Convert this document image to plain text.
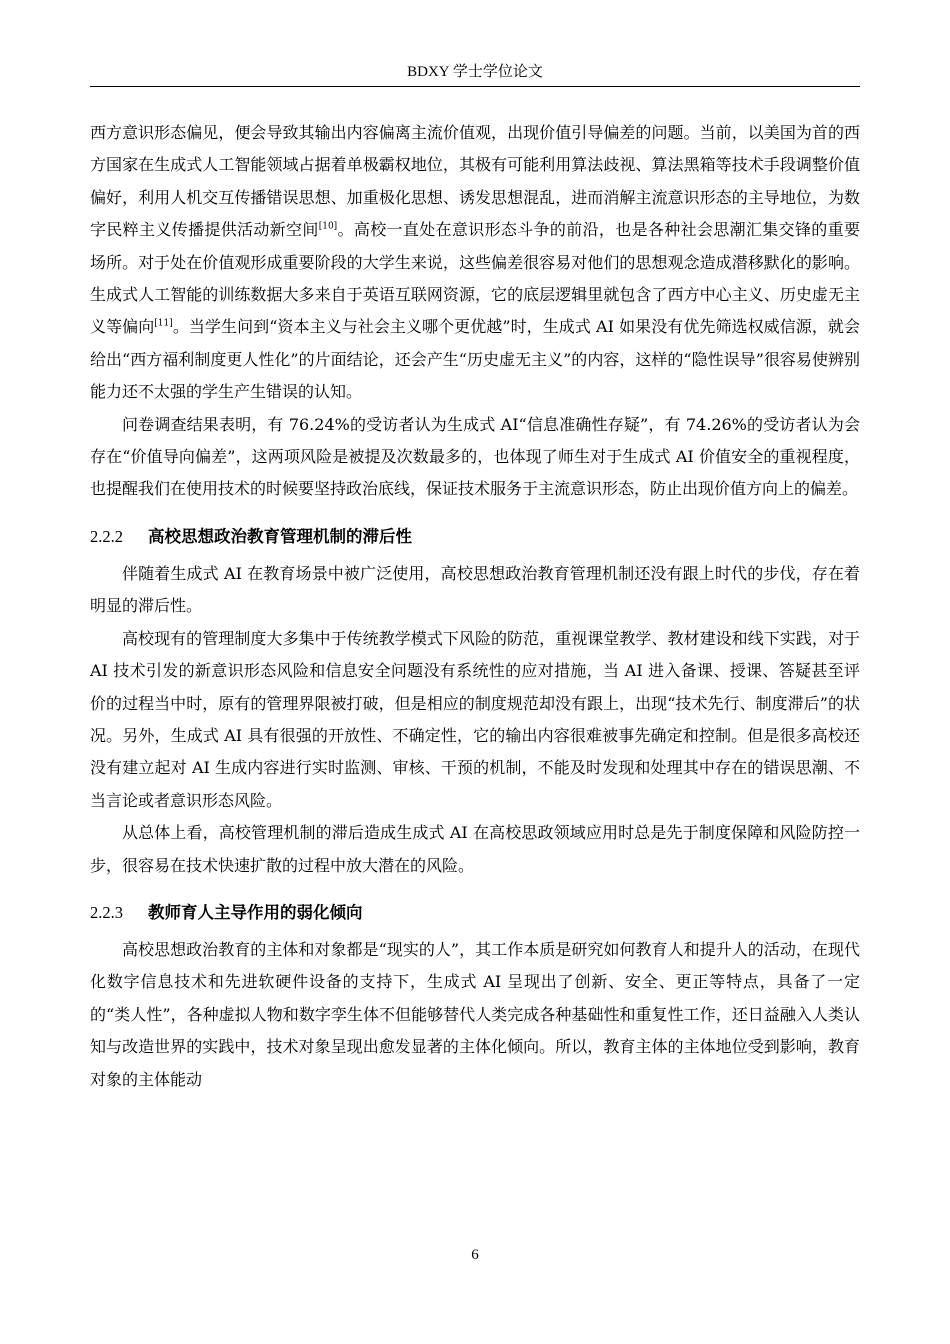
BDXY 学士学位论文

西方意识形态偏见，便会导致其输出内容偏离主流价值观，出现价值引导偏差的问题。当前，以美国为首的西方国家在生成式人工智能领域占据着单极霸权地位，其极有可能利用算法歧视、算法黑箱等技术手段调整价值偏好，利用人机交互传播错误思想、加重极化思想、诱发思想混乱，进而消解主流意识形态的主导地位，为数字民粹主义传播提供活动新空间[10]。高校一直处在意识形态斗争的前沿，也是各种社会思潮汇集交锋的重要场所。对于处在价值观形成重要阶段的大学生来说，这些偏差很容易对他们的思想观念造成潜移默化的影响。生成式人工智能的训练数据大多来自于英语互联网资源，它的底层逻辑里就包含了西方中心主义、历史虚无主义等偏向[11]。当学生问到“资本主义与社会主义哪个更优越”时，生成式 AI 如果没有优先筛选权威信源，就会给出“西方福利制度更人性化”的片面结论，还会产生“历史虚无主义”的内容，这样的“隐性误导”很容易使辨别能力还不太强的学生产生错误的认知。

问卷调查结果表明，有 76.24%的受访者认为生成式 AI“信息准确性存疑”，有 74.26%的受访者认为会存在“价值导向偏差”，这两项风险是被提及次数最多的，也体现了师生对于生成式 AI 价值安全的重视程度，也提醒我们在使用技术的时候要坚持政治底线，保证技术服务于主流意识形态，防止出现价值方向上的偏差。

2.2.2 高校思想政治教育管理机制的滞后性

伴随着生成式 AI 在教育场景中被广泛使用，高校思想政治教育管理机制还没有跟上时代的步伐，存在着明显的滞后性。

高校现有的管理制度大多集中于传统教学模式下风险的防范，重视课堂教学、教材建设和线下实践，对于 AI 技术引发的新意识形态风险和信息安全问题没有系统性的应对措施，当 AI 进入备课、授课、答疑甚至评价的过程当中时，原有的管理界限被打破，但是相应的制度规范却没有跟上，出现“技术先行、制度滞后”的状况。另外，生成式 AI 具有很强的开放性、不确定性，它的输出内容很难被事先确定和控制。但是很多高校还没有建立起对 AI 生成内容进行实时监测、审核、干预的机制，不能及时发现和处理其中存在的错误思潮、不当言论或者意识形态风险。

从总体上看，高校管理机制的滞后造成生成式 AI 在高校思政领域应用时总是先于制度保障和风险防控一步，很容易在技术快速扩散的过程中放大潜在的风险。

2.2.3 教师育人主导作用的弱化倾向

高校思想政治教育的主体和对象都是“现实的人”，其工作本质是研究如何教育人和提升人的活动，在现代化数字信息技术和先进软硬件设备的支持下，生成式 AI 呈现出了创新、安全、更正等特点，具备了一定的“类人性”，各种虚拟人物和数字孪生体不但能够替代人类完成各种基础性和重复性工作，还日益融入人类认知与改造世界的实践中，技术对象呈现出愈发显著的主体化倾向。所以，教育主体的主体地位受到影响，教育对象的主体能动

6
